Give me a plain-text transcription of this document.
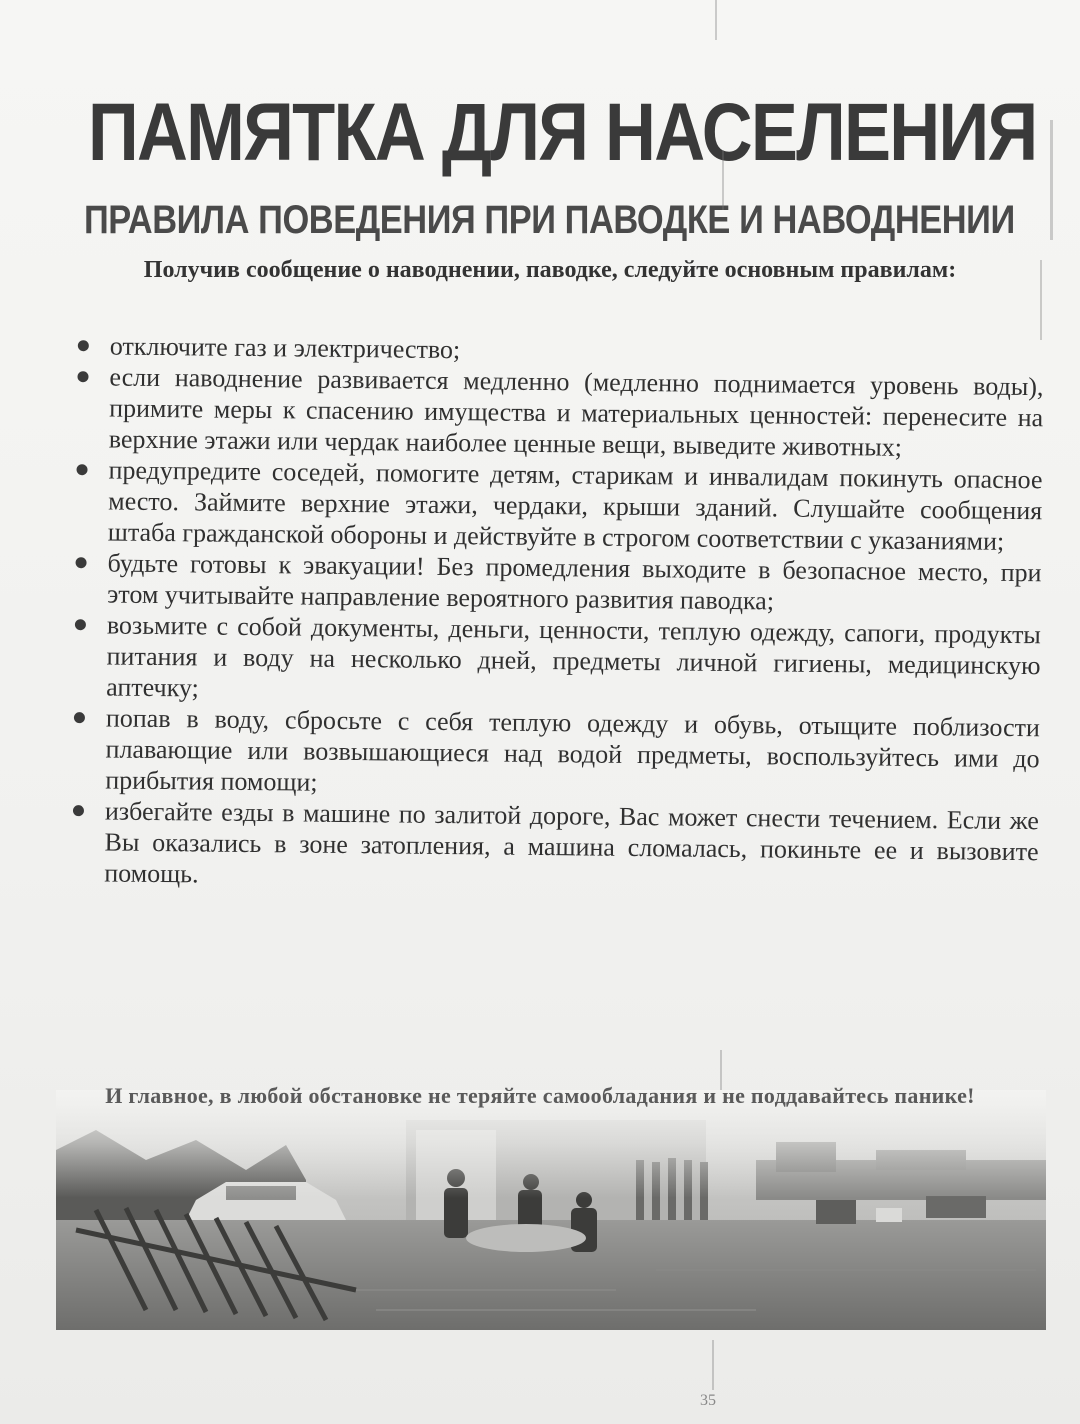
ПАМЯТКА ДЛЯ НАСЕЛЕНИЯ
ПРАВИЛА ПОВЕДЕНИЯ ПРИ ПАВОДКЕ И НАВОДНЕНИИ
Получив сообщение о наводнении, паводке, следуйте основным правилам:
отключите газ и электричество;
если наводнение развивается медленно (медленно поднимается уровень воды), примите меры к спасению имущества и материальных ценностей: перенесите на верхние этажи или чердак наиболее ценные вещи, выведите животных;
предупредите соседей, помогите детям, старикам и инвалидам покинуть опасное место. Займите верхние этажи, чердаки, крыши зданий. Слушайте сообщения штаба гражданской обороны и действуйте в строгом соответствии с указаниями;
будьте готовы к эвакуации! Без промедления выходите в безопасное место, при этом учитывайте направление вероятного развития паводка;
возьмите с собой документы, деньги, ценности, теплую одежду, сапоги, продукты питания и воду на несколько дней, предметы личной гигиены, медицинскую аптечку;
попав в воду, сбросьте с себя теплую одежду и обувь, отыщите поблизости плавающие или возвышающиеся над водой предметы, воспользуйтесь ими до прибытия помощи;
избегайте езды в машине по залитой дороге, Вас может снести течением. Если же Вы оказались в зоне затопления, а машина сломалась, покиньте ее и вызовите помощь.
И главное, в любой обстановке не теряйте самообладания и не поддавайтесь панике!
35
